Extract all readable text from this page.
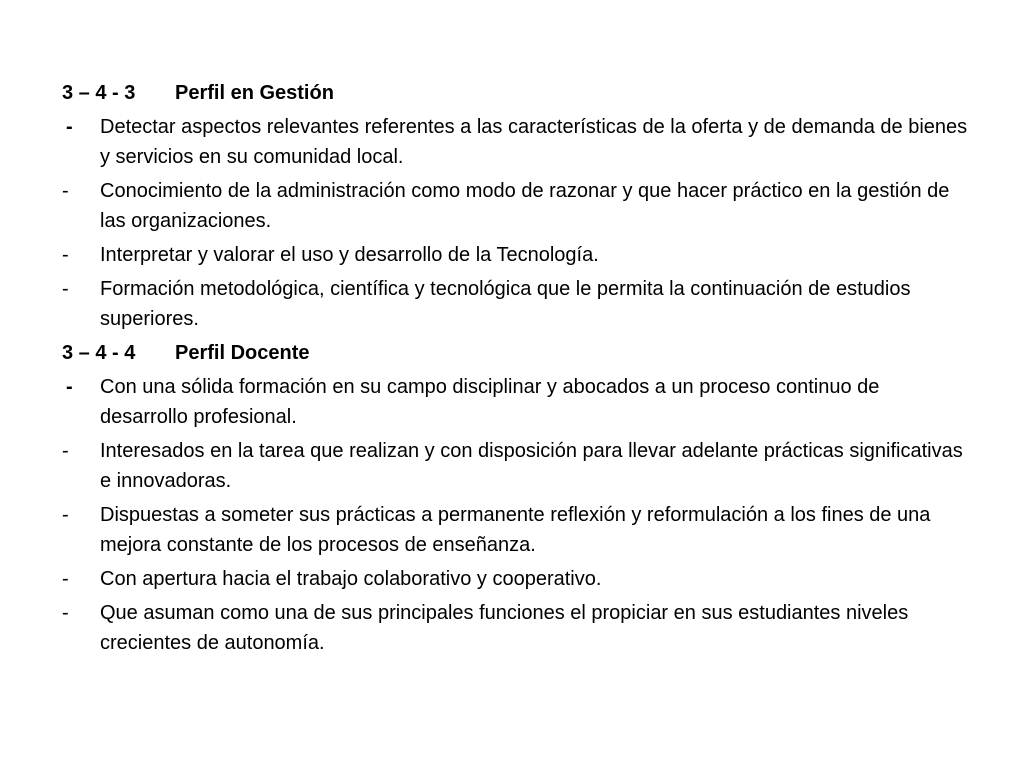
3 – 4 - 3	Perfil en Gestión
- Detectar aspectos relevantes referentes a las características de la oferta y de demanda de bienes y servicios en su comunidad local.
- Conocimiento de la administración como modo de razonar y que hacer práctico en la gestión de las organizaciones.
- Interpretar y valorar el uso y desarrollo de la Tecnología.
- Formación metodológica, científica y tecnológica que le permita la continuación de estudios superiores.
3 – 4 - 4	Perfil Docente
- Con una sólida formación en su campo disciplinar y abocados a un proceso continuo de desarrollo profesional.
- Interesados en la tarea que realizan y con disposición para llevar adelante prácticas significativas e innovadoras.
- Dispuestas a someter sus prácticas a permanente reflexión y reformulación a los fines de una mejora constante de los procesos de enseñanza.
- Con apertura hacia el trabajo colaborativo y cooperativo.
- Que asuman como una de sus principales funciones el propiciar en sus estudiantes niveles crecientes de autonomía.
